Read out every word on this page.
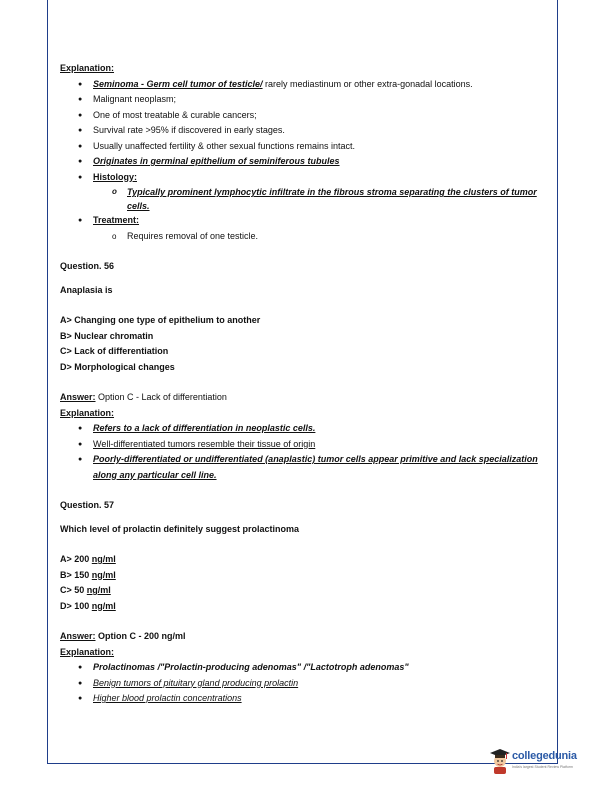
Explanation:
● Seminoma - Germ cell tumor of testicle/ rarely mediastinum or other extra-gonadal locations.
● Malignant neoplasm;
● One of most treatable & curable cancers;
● Survival rate >95% if discovered in early stages.
● Usually unaffected fertility & other sexual functions remains intact.
● Originates in germinal epithelium of seminiferous tubules
● Histology:
o Typically prominent lymphocytic infiltrate in the fibrous stroma separating the clusters of tumor cells.
● Treatment:
o Requires removal of one testicle.
Question. 56
Anaplasia is
A> Changing one type of epithelium to another
B> Nuclear chromatin
C> Lack of differentiation
D> Morphological changes
Answer: Option C - Lack of differentiation
Explanation:
● Refers to a lack of differentiation in neoplastic cells.
● Well-differentiated tumors resemble their tissue of origin
● Poorly-differentiated or undifferentiated (anaplastic) tumor cells appear primitive and lack specialization along any particular cell line.
Question. 57
Which level of prolactin definitely suggest prolactinoma
A> 200 ng/ml
B> 150 ng/ml
C> 50 ng/ml
D> 100 ng/ml
Answer: Option C - 200 ng/ml
Explanation:
● Prolactinomas /"Prolactin-producing adenomas" /"Lactotroph adenomas"
● Benign tumors of pituitary gland producing prolactin
● Higher blood prolactin concentrations
collegedunia
India's largest Student Review Platform
